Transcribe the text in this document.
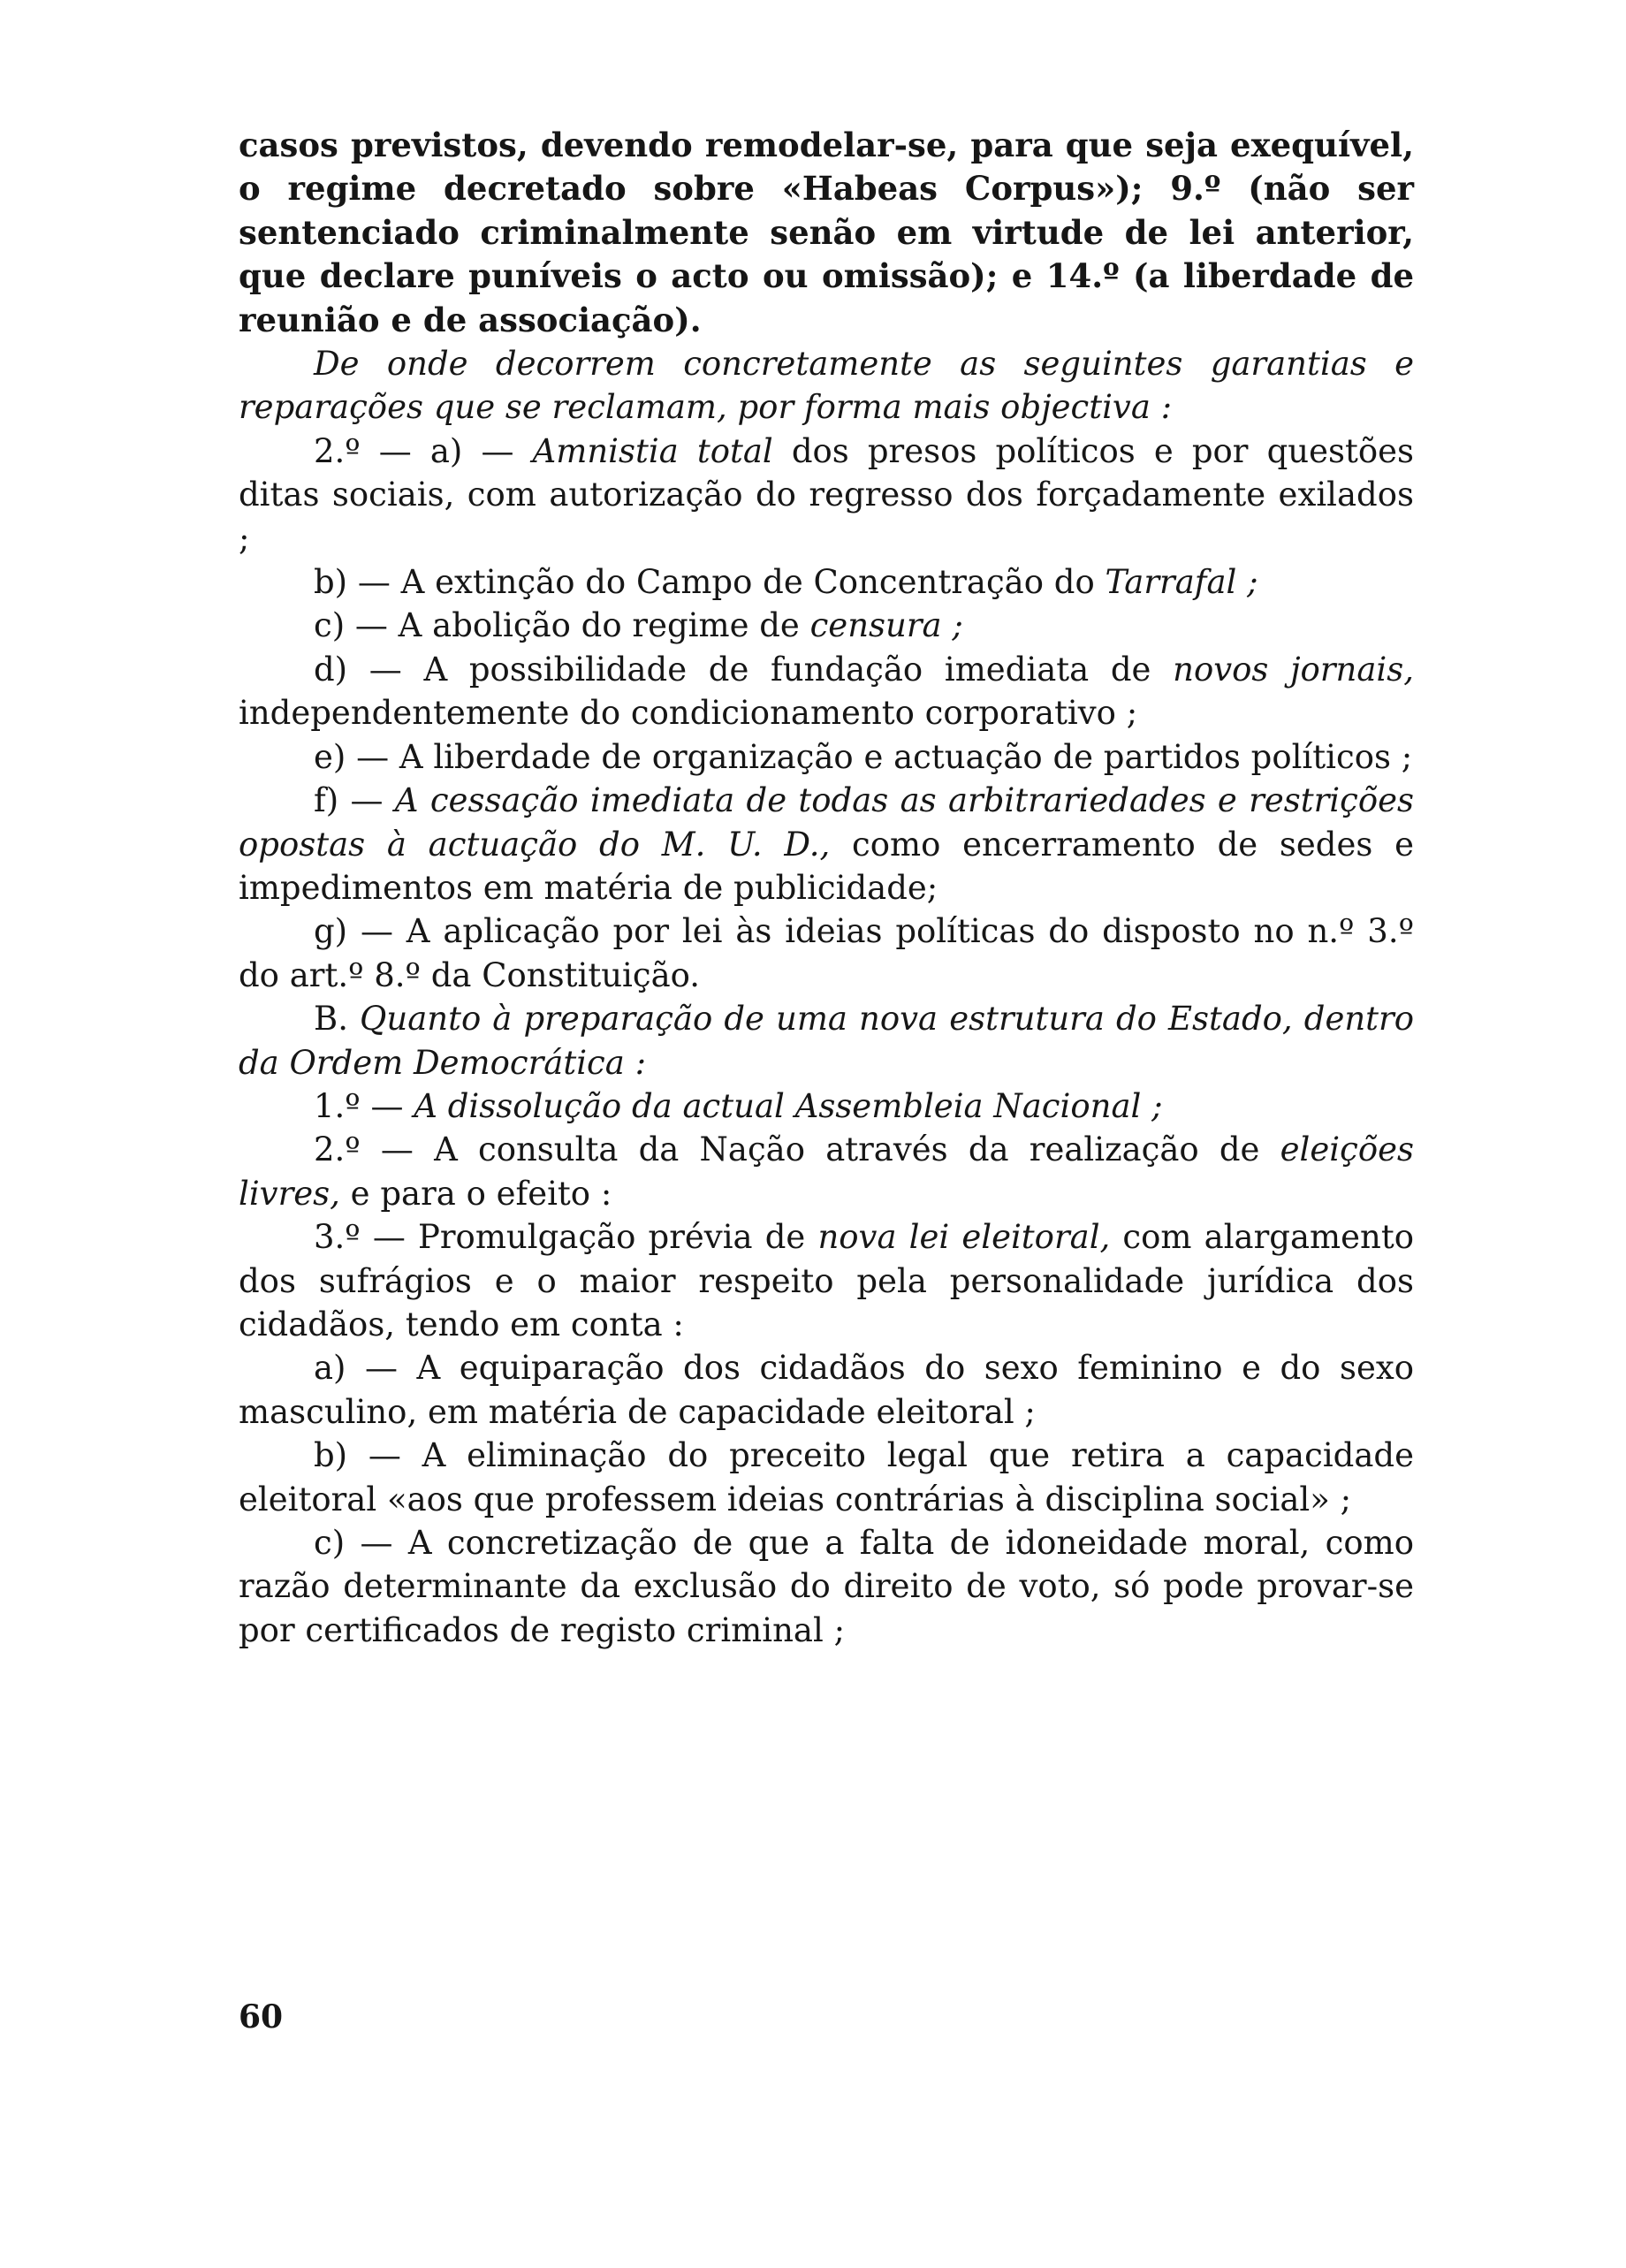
casos previstos, devendo remodelar-se, para que seja exequível, o regime decretado sobre «Habeas Corpus»); 9.º (não ser sentenciado criminalmente senão em virtude de lei anterior, que declare puníveis o acto ou omissão); e 14.º (a liberdade de reunião e de associação).

De onde decorrem concretamente as seguintes garantias e reparações que se reclamam, por forma mais objectiva :

2.º — a) — Amnistia total dos presos políticos e por questões ditas sociais, com autorização do regresso dos forçadamente exilados ;

b) — A extinção do Campo de Concentração do Tarrafal ;

c) — A abolição do regime de censura ;

d) — A possibilidade de fundação imediata de novos jornais, independentemente do condicionamento corporativo ;

e) — A liberdade de organização e actuação de partidos políticos ;

f) — A cessação imediata de todas as arbitrariedades e restrições opostas à actuação do M. U. D., como encerramento de sedes e impedimentos em matéria de publicidade;

g) — A aplicação por lei às ideias políticas do disposto no n.º 3.º do art.º 8.º da Constituição.

B. Quanto à preparação de uma nova estrutura do Estado, dentro da Ordem Democrática :

1.º — A dissolução da actual Assembleia Nacional ;

2.º — A consulta da Nação através da realização de eleições livres, e para o efeito :

3.º — Promulgação prévia de nova lei eleitoral, com alargamento dos sufrágios e o maior respeito pela personalidade jurídica dos cidadãos, tendo em conta :

a) — A equiparação dos cidadãos do sexo feminino e do sexo masculino, em matéria de capacidade eleitoral ;

b) — A eliminação do preceito legal que retira a capacidade eleitoral «aos que professem ideias contrárias à disciplina social» ;

c) — A concretização de que a falta de idoneidade moral, como razão determinante da exclusão do direito de voto, só pode provar-se por certificados de registo criminal ;

60
